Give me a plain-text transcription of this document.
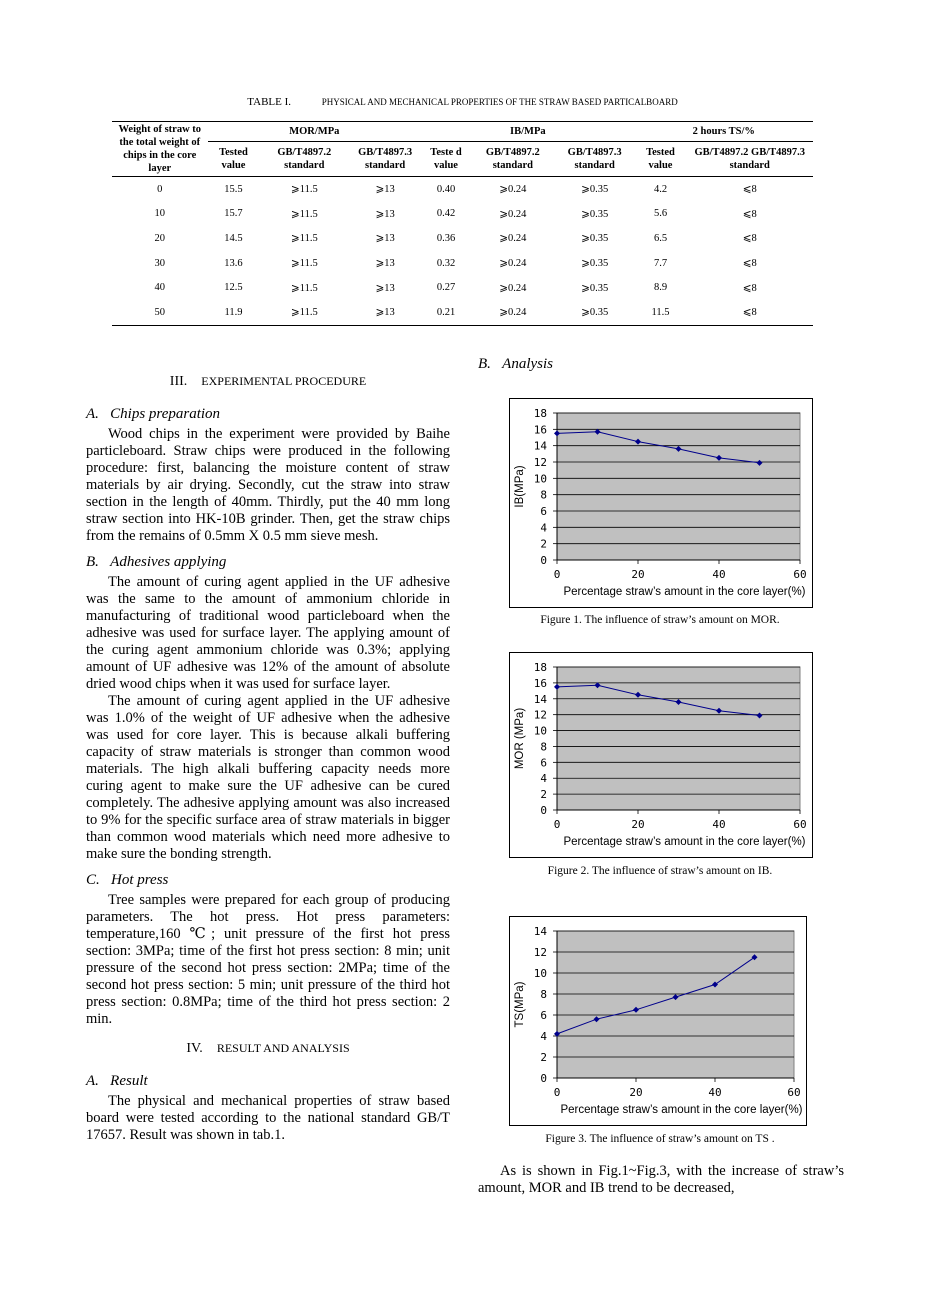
TABLE I.	PHYSICAL AND MECHANICAL PROPERTIES OF THE STRAW BASED PARTICALBOARD
Weight of straw to the total weight of chips in the core layer	MOR/MPa			IB/MPa			2 hours TS/%	
	Tested value	GB/T4897.2 standard	GB/T4897.3 standard	Teste d value	GB/T4897.2 standard	GB/T4897.3 standard	Tested value	GB/T4897.2 GB/T4897.3 standard
0	15.5	⩾11.5	⩾13	0.40	⩾0.24	⩾0.35	4.2	⩽8
10	15.7	⩾11.5	⩾13	0.42	⩾0.24	⩾0.35	5.6	⩽8
20	14.5	⩾11.5	⩾13	0.36	⩾0.24	⩾0.35	6.5	⩽8
30	13.6	⩾11.5	⩾13	0.32	⩾0.24	⩾0.35	7.7	⩽8
40	12.5	⩾11.5	⩾13	0.27	⩾0.24	⩾0.35	8.9	⩽8
50	11.9	⩾11.5	⩾13	0.21	⩾0.24	⩾0.35	11.5	⩽8
III. EXPERIMENTAL PROCEDURE
A. Chips preparation

Wood chips in the experiment were provided by Baihe particleboard. Straw chips were produced in the following procedure: first, balancing the moisture content of straw materials by air drying. Secondly, cut the straw into straw section in the length of 40mm. Thirdly, put the 40 mm long straw section into HK-10B grinder. Then, get the straw chips from the remains of 0.5mm X 0.5 mm sieve mesh.

B. Adhesives applying

The amount of curing agent applied in the UF adhesive was the same to the amount of ammonium chloride in manufacturing of traditional wood particleboard when the adhesive was used for surface layer. The applying amount of the curing agent ammonium chloride was 0.3%; applying amount of UF adhesive was 12% of the amount of absolute dried wood chips when it was used for surface layer.

The amount of curing agent applied in the UF adhesive was 1.0% of the weight of UF adhesive when the adhesive was used for core layer. This is because alkali buffering capacity of straw materials is stronger than common wood materials. The high alkali buffering capacity needs more curing agent to make sure the UF adhesive can be cured completely. The adhesive applying amount was also increased to 9% for the specific surface area of straw materials in bigger than common wood materials which need more adhesive to make sure the bonding strength.

C. Hot press

Tree samples were prepared for each group of producing parameters. The hot press. Hot press parameters: temperature,160 ℃; unit pressure of the first hot press section: 3MPa; time of the first hot press section: 8 min; unit pressure of the second hot press section: 2MPa; time of the second hot press section: 5 min; unit pressure of the third hot press section: 0.8MPa; time of the third hot press section: 2 min.

IV. RESULT AND ANALYSIS
A. Result

The physical and mechanical properties of straw based board were tested according to the national standard GB/T 17657. Result was shown in tab.1.

B. Analysis
0
2
4
6
8
10
12
14
16
18
0	20	40	60
Percentage straw’s amount in the core layer(%)
IB(MPa)
Figure 1. The influence of straw’s amount on MOR.
0
2
4
6
8
10
12
14
16
18
0	20	40	60
Percentage straw’s amount in the core layer(%)
MOR (MPa)
Figure 2. The influence of straw’s amount on IB.
0
2
4
6
8
10
12
14
0	20	40	60
Percentage straw’s amount in the core layer(%)
TS(MPa)
Figure 3. The influence of straw’s amount on TS .

As is shown in Fig.1~Fig.3, with the increase of straw’s amount, MOR and IB trend to be decreased,
